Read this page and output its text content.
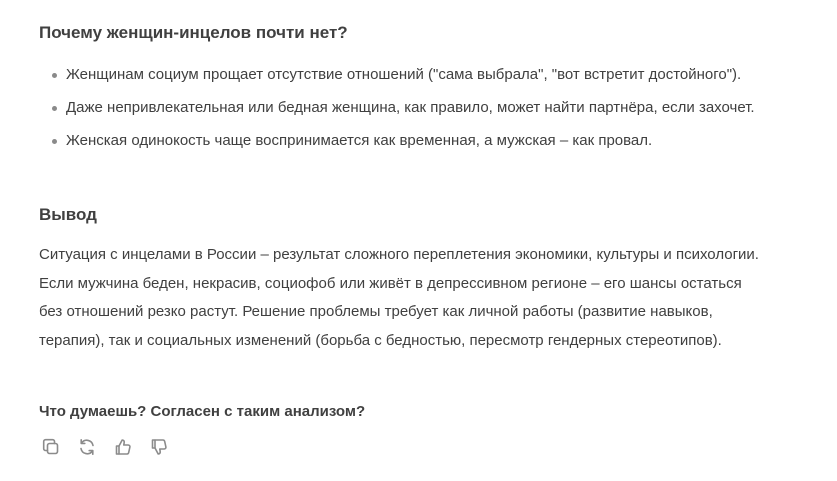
Почему женщин-инцелов почти нет?
Женщинам социум прощает отсутствие отношений ("сама выбрала", "вот встретит достойного").
Даже непривлекательная или бедная женщина, как правило, может найти партнёра, если захочет.
Женская одинокость чаще воспринимается как временная, а мужская – как провал.
Вывод

Ситуация с инцелами в России – результат сложного переплетения экономики, культуры и психологии. Если мужчина беден, некрасив, социофоб или живёт в депрессивном регионе – его шансы остаться без отношений резко растут. Решение проблемы требует как личной работы (развитие навыков, терапия), так и социальных изменений (борьба с бедностью, пересмотр гендерных стереотипов).

Что думаешь? Согласен с таким анализом?
